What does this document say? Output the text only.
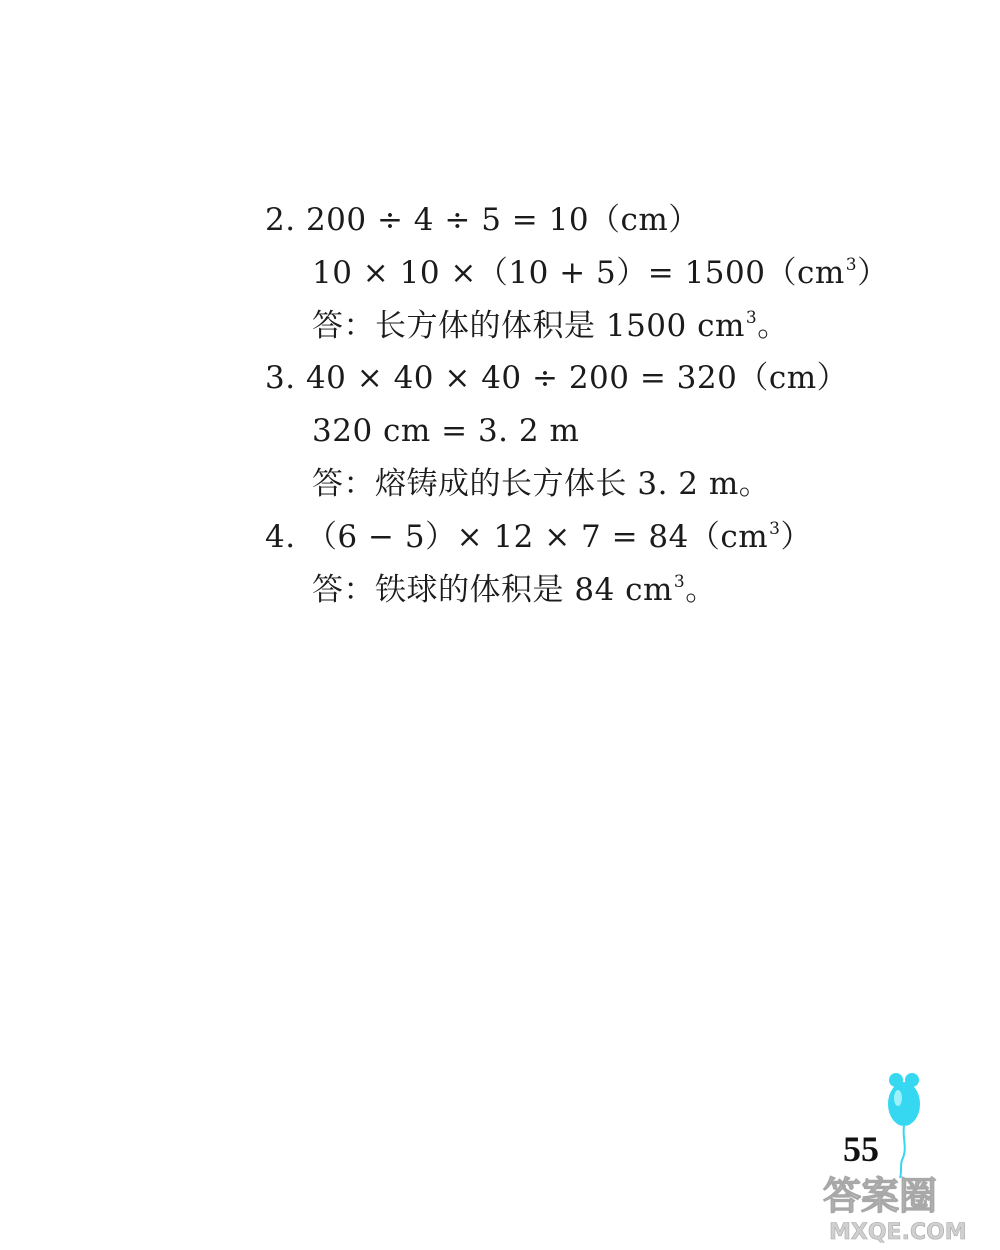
2. 200 ÷ 4 ÷ 5 = 10（cm）
$10 \times 10 \times(10 + 5)= 1500(cm^3)$
答：长方体的体积是 1500 $cm^3$。
3. 40 × 40 × 40 ÷ 200 = 320（cm）
320 cm = 3. 2 m
答：熔铸成的长方体长 3. 2 m。
4. $(6 - 5)\times 12 \times 7 = 84(cm^3)$
答：铁球的体积是 84 $cm^3$。
55
答案圈
MXQE.COM
